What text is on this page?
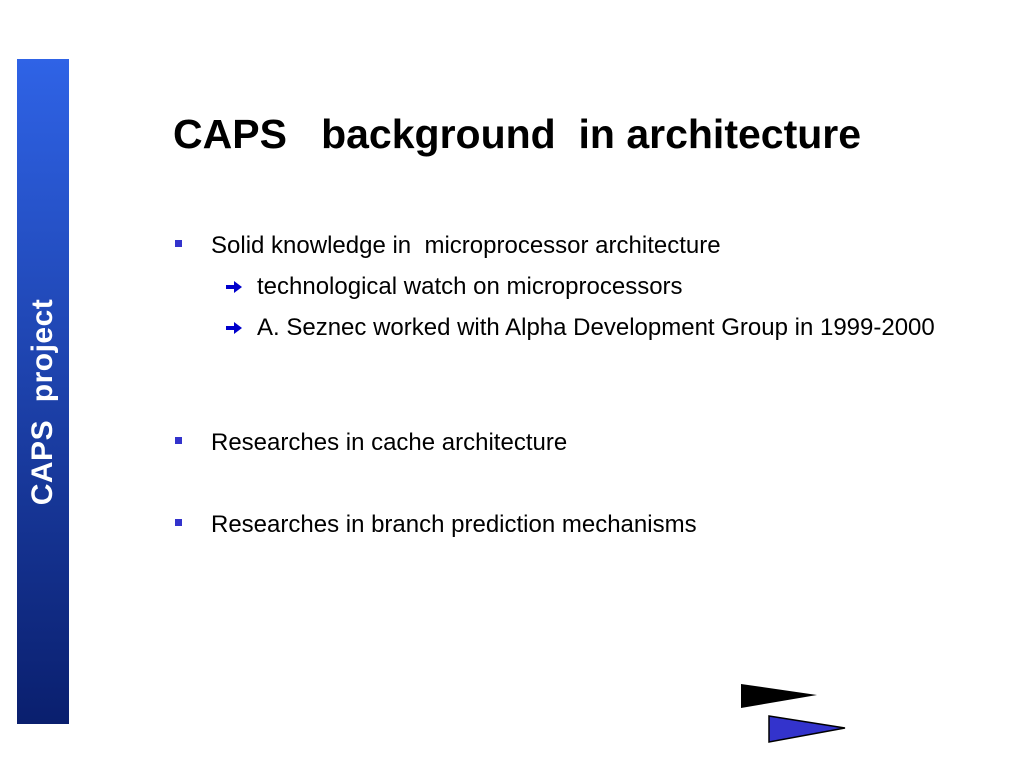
CAPS  project
CAPS   background  in architecture
Solid knowledge in  microprocessor architecture
technological watch on microprocessors
A. Seznec worked with Alpha Development Group in 1999-2000
Researches in cache architecture
Researches in branch prediction mechanisms
